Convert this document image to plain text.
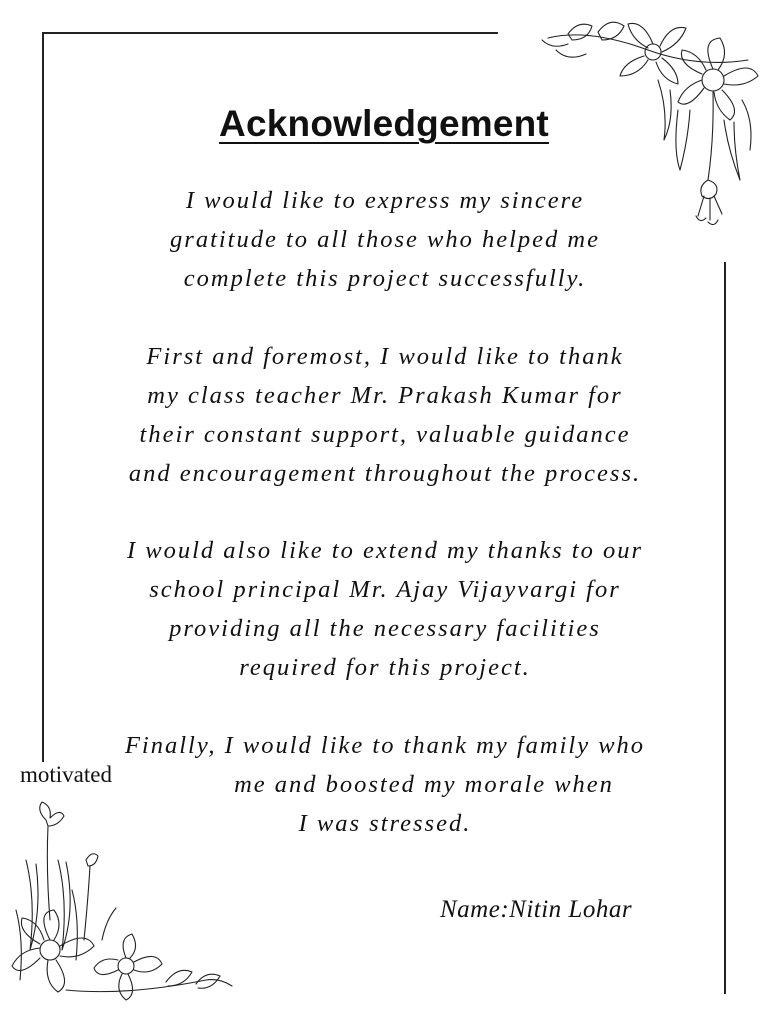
Acknowledgement
I would like to express my sincere
gratitude to all those who helped me
complete this project successfully.
First and foremost, I would like to thank
my class teacher Mr. Prakash Kumar for
their constant support, valuable guidance
and encouragement throughout the process.
I would also like to extend my thanks to our
school principal Mr. Ajay Vijayvargi for
providing all the necessary facilities
required for this project.
Finally, I would like to thank my family who
me and boosted my morale when
I was stressed.
motivated
Name:Nitin Lohar
